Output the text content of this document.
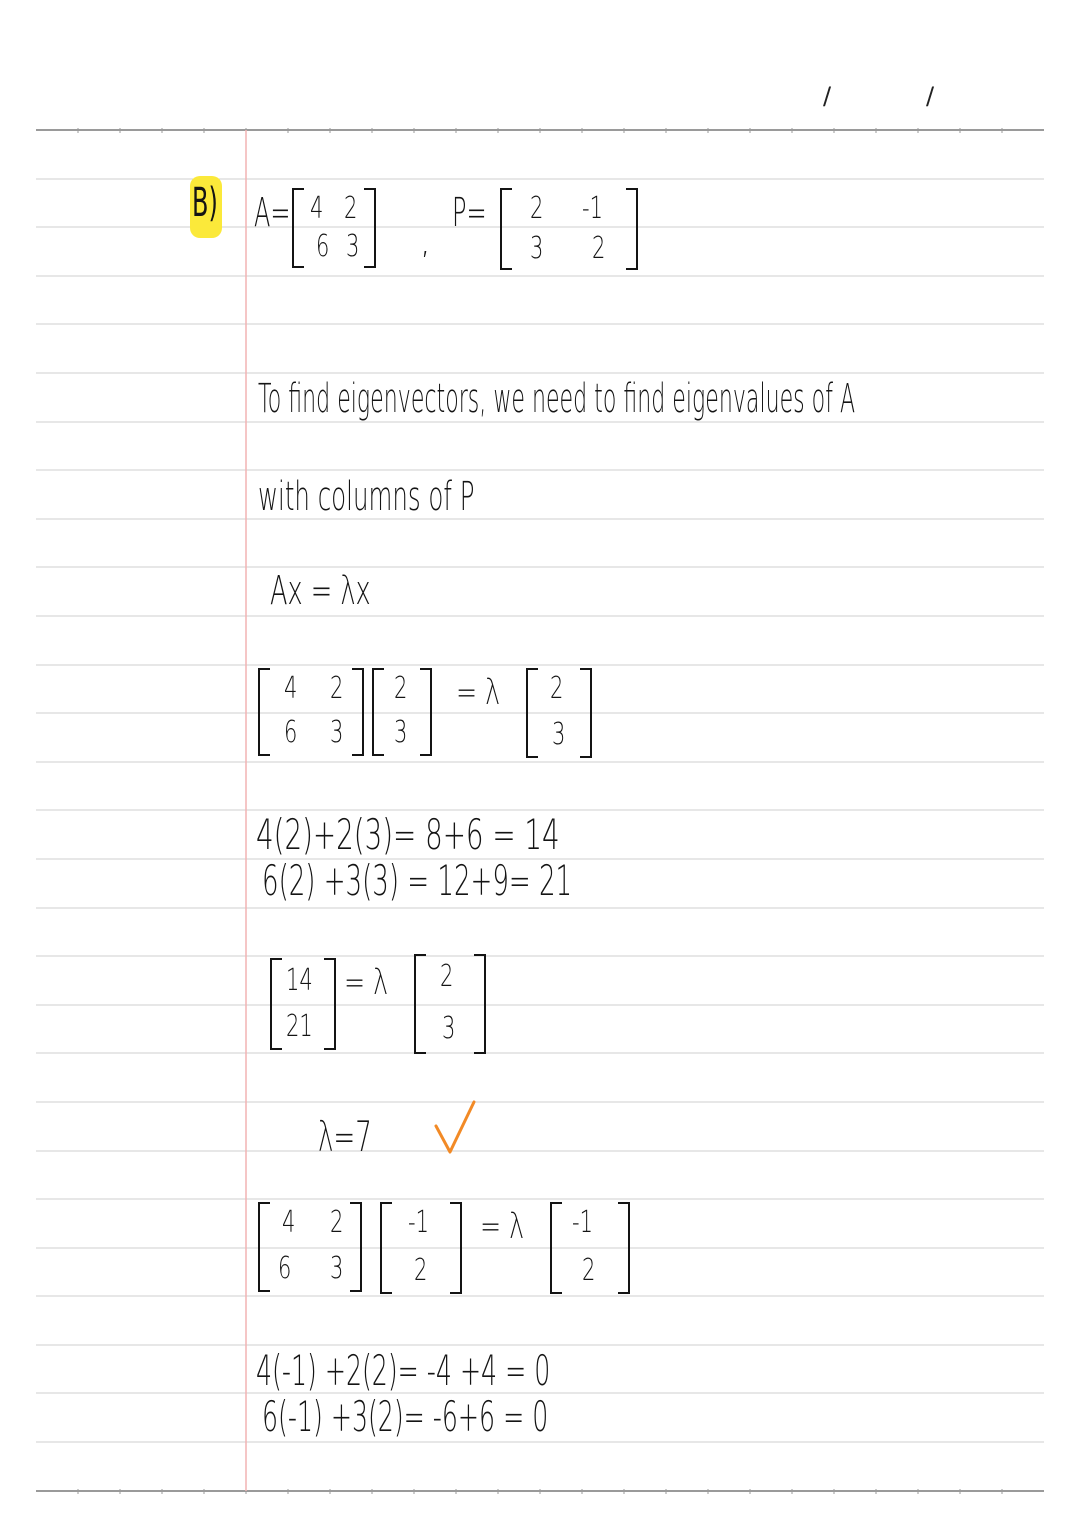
/	/
B) A= 4 2
6 3 ,
P= 2 -1
3 2
To find eigenvectors, we need to find eigenvalues of A
with columns of P
Ax = λx
4 2
6 3
2
3
= λ 2
3
4(2)+2(3)= 8+6 = 14
6(2) +3(3) = 12+9= 21
14
21
= λ 2
3
λ=7
4 2
6 3
-1
2
= λ -1
2
4(-1) +2(2)= -4 +4 = 0
6(-1) +3(2)= -6+6 = 0
